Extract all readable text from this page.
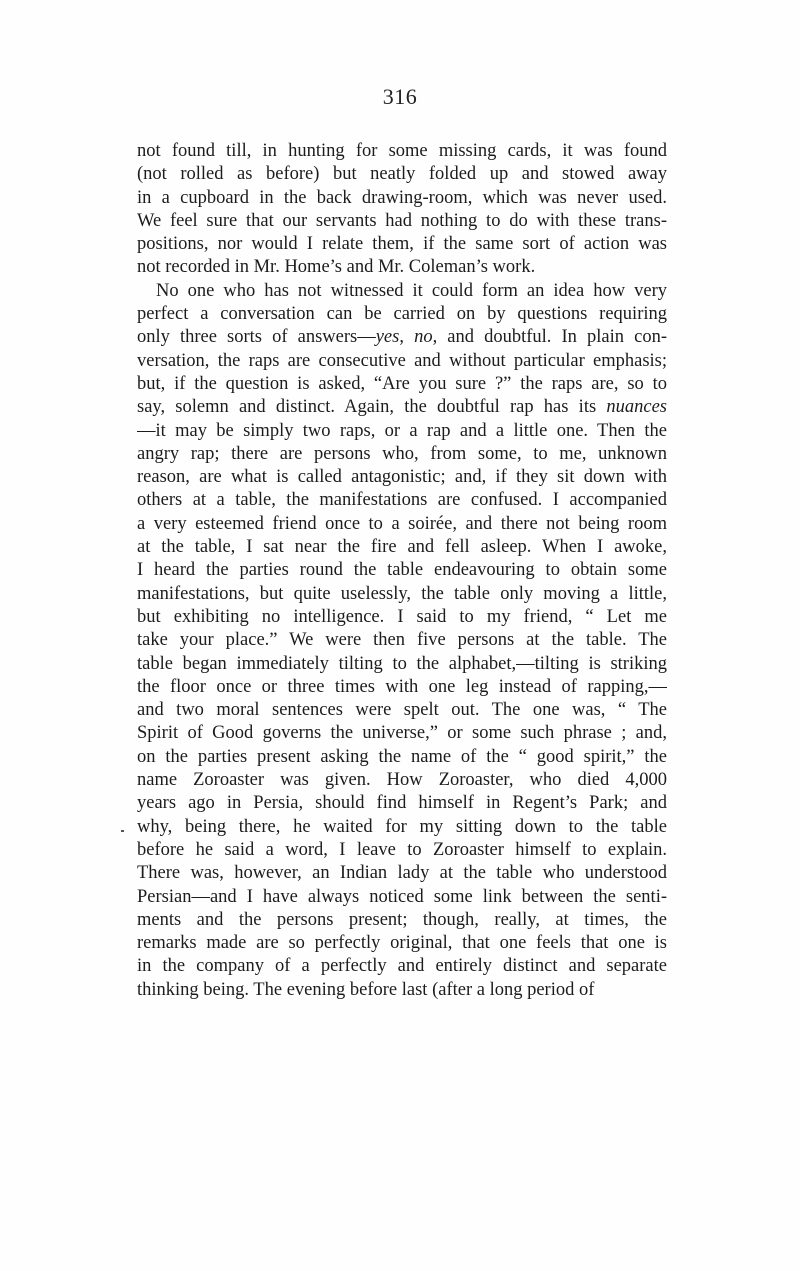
316
not found till, in hunting for some missing cards, it was found
(not rolled as before) but neatly folded up and stowed away
in a cupboard in the back drawing-room, which was never used.
We feel sure that our servants had nothing to do with these trans-
positions, nor would I relate them, if the same sort of action was
not recorded in Mr. Home’s and Mr. Coleman’s work.
No one who has not witnessed it could form an idea how very
perfect a conversation can be carried on by questions requiring
only three sorts of answers—yes, no, and doubtful. In plain con-
versation, the raps are consecutive and without particular emphasis;
but, if the question is asked, “Are you sure ?” the raps are, so to
say, solemn and distinct. Again, the doubtful rap has its nuances
—it may be simply two raps, or a rap and a little one. Then the
angry rap; there are persons who, from some, to me, unknown
reason, are what is called antagonistic; and, if they sit down with
others at a table, the manifestations are confused. I accompanied
a very esteemed friend once to a soirée, and there not being room
at the table, I sat near the fire and fell asleep. When I awoke,
I heard the parties round the table endeavouring to obtain some
manifestations, but quite uselessly, the table only moving a little,
but exhibiting no intelligence. I said to my friend, “ Let me
take your place.” We were then five persons at the table. The
table began immediately tilting to the alphabet,—tilting is striking
the floor once or three times with one leg instead of rapping,—
and two moral sentences were spelt out. The one was, “ The
Spirit of Good governs the universe,” or some such phrase ; and,
on the parties present asking the name of the “ good spirit,” the
name Zoroaster was given. How Zoroaster, who died 4,000
years ago in Persia, should find himself in Regent’s Park; and
why, being there, he waited for my sitting down to the table
before he said a word, I leave to Zoroaster himself to explain.
There was, however, an Indian lady at the table who understood
Persian—and I have always noticed some link between the senti-
ments and the persons present; though, really, at times, the
remarks made are so perfectly original, that one feels that one is
in the company of a perfectly and entirely distinct and separate
thinking being. The evening before last (after a long period of
